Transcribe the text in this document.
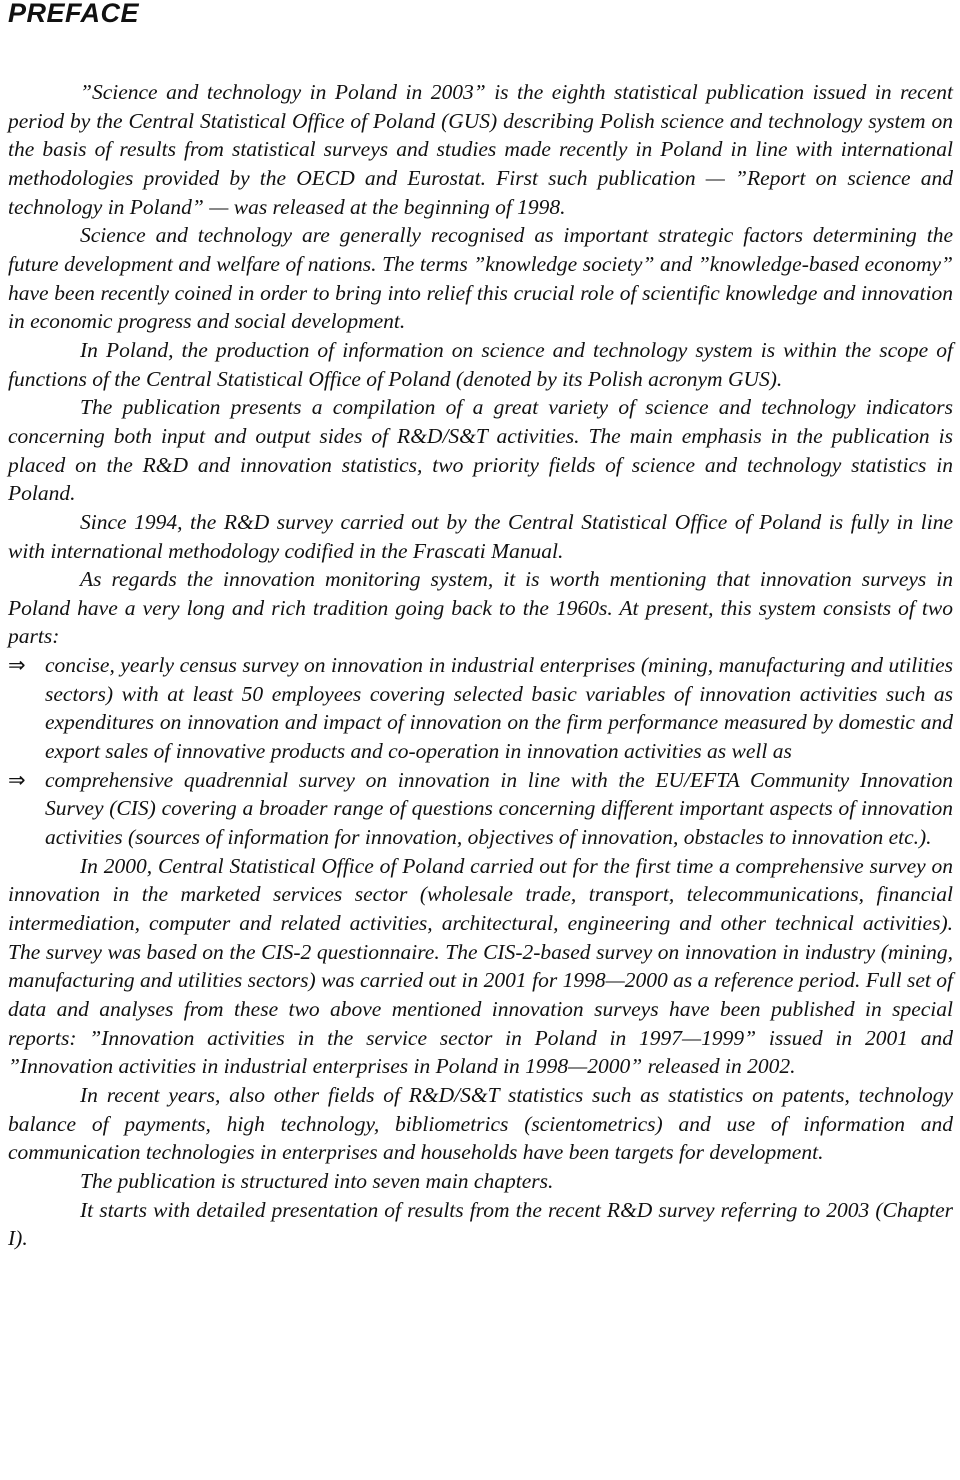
PREFACE

”Science and technology in Poland in 2003” is the eighth statistical publication issued in recent period by the Central Statistical Office of Poland (GUS) describing Polish science and technology system on the basis of results from statistical surveys and studies made recently in Poland in line with international methodologies provided by the OECD and Eurostat. First such publication — ”Report on science and technology in Poland” — was released at the beginning of 1998.

Science and technology are generally recognised as important strategic factors determining the future development and welfare of nations. The terms ”knowledge society” and ”knowledge-based economy” have been recently coined in order to bring into relief this crucial role of scientific knowledge and innovation in economic progress and social development.

In Poland, the production of information on science and technology system is within the scope of functions of the Central Statistical Office of Poland (denoted by its Polish acronym GUS).

The publication presents a compilation of a great variety of science and technology indicators concerning both input and output sides of R&D/S&T activities. The main emphasis in the publication is placed on the R&D and innovation statistics, two priority fields of science and technology statistics in Poland.

Since 1994, the R&D survey carried out by the Central Statistical Office of Poland is fully in line with international methodology codified in the Frascati Manual.

As regards the innovation monitoring system, it is worth mentioning that innovation surveys in Poland have a very long and rich tradition going back to the 1960s. At present, this system consists of two parts:

⇒ concise, yearly census survey on innovation in industrial enterprises (mining, manufacturing and utilities sectors) with at least 50 employees covering selected basic variables of innovation activities such as expenditures on innovation and impact of innovation on the firm performance measured by domestic and export sales of innovative products and co-operation in innovation activities as well as
⇒ comprehensive quadrennial survey on innovation in line with the EU/EFTA Community Innovation Survey (CIS) covering a broader range of questions concerning different important aspects of innovation activities (sources of information for innovation, objectives of innovation, obstacles to innovation etc.).

In 2000, Central Statistical Office of Poland carried out for the first time a comprehensive survey on innovation in the marketed services sector (wholesale trade, transport, telecommunications, financial intermediation, computer and related activities, architectural, engineering and other technical activities). The survey was based on the CIS-2 questionnaire. The CIS-2-based survey on innovation in industry (mining, manufacturing and utilities sectors) was carried out in 2001 for 1998—2000 as a reference period. Full set of data and analyses from these two above mentioned innovation surveys have been published in special reports: ”Innovation activities in the service sector in Poland in 1997—1999” issued in 2001 and ”Innovation activities in industrial enterprises in Poland in 1998—2000” released in 2002.

In recent years, also other fields of R&D/S&T statistics such as statistics on patents, technology balance of payments, high technology, bibliometrics (scientometrics) and use of information and communication technologies in enterprises and households have been targets for development.

The publication is structured into seven main chapters.

It starts with detailed presentation of results from the recent R&D survey referring to 2003 (Chapter I).
